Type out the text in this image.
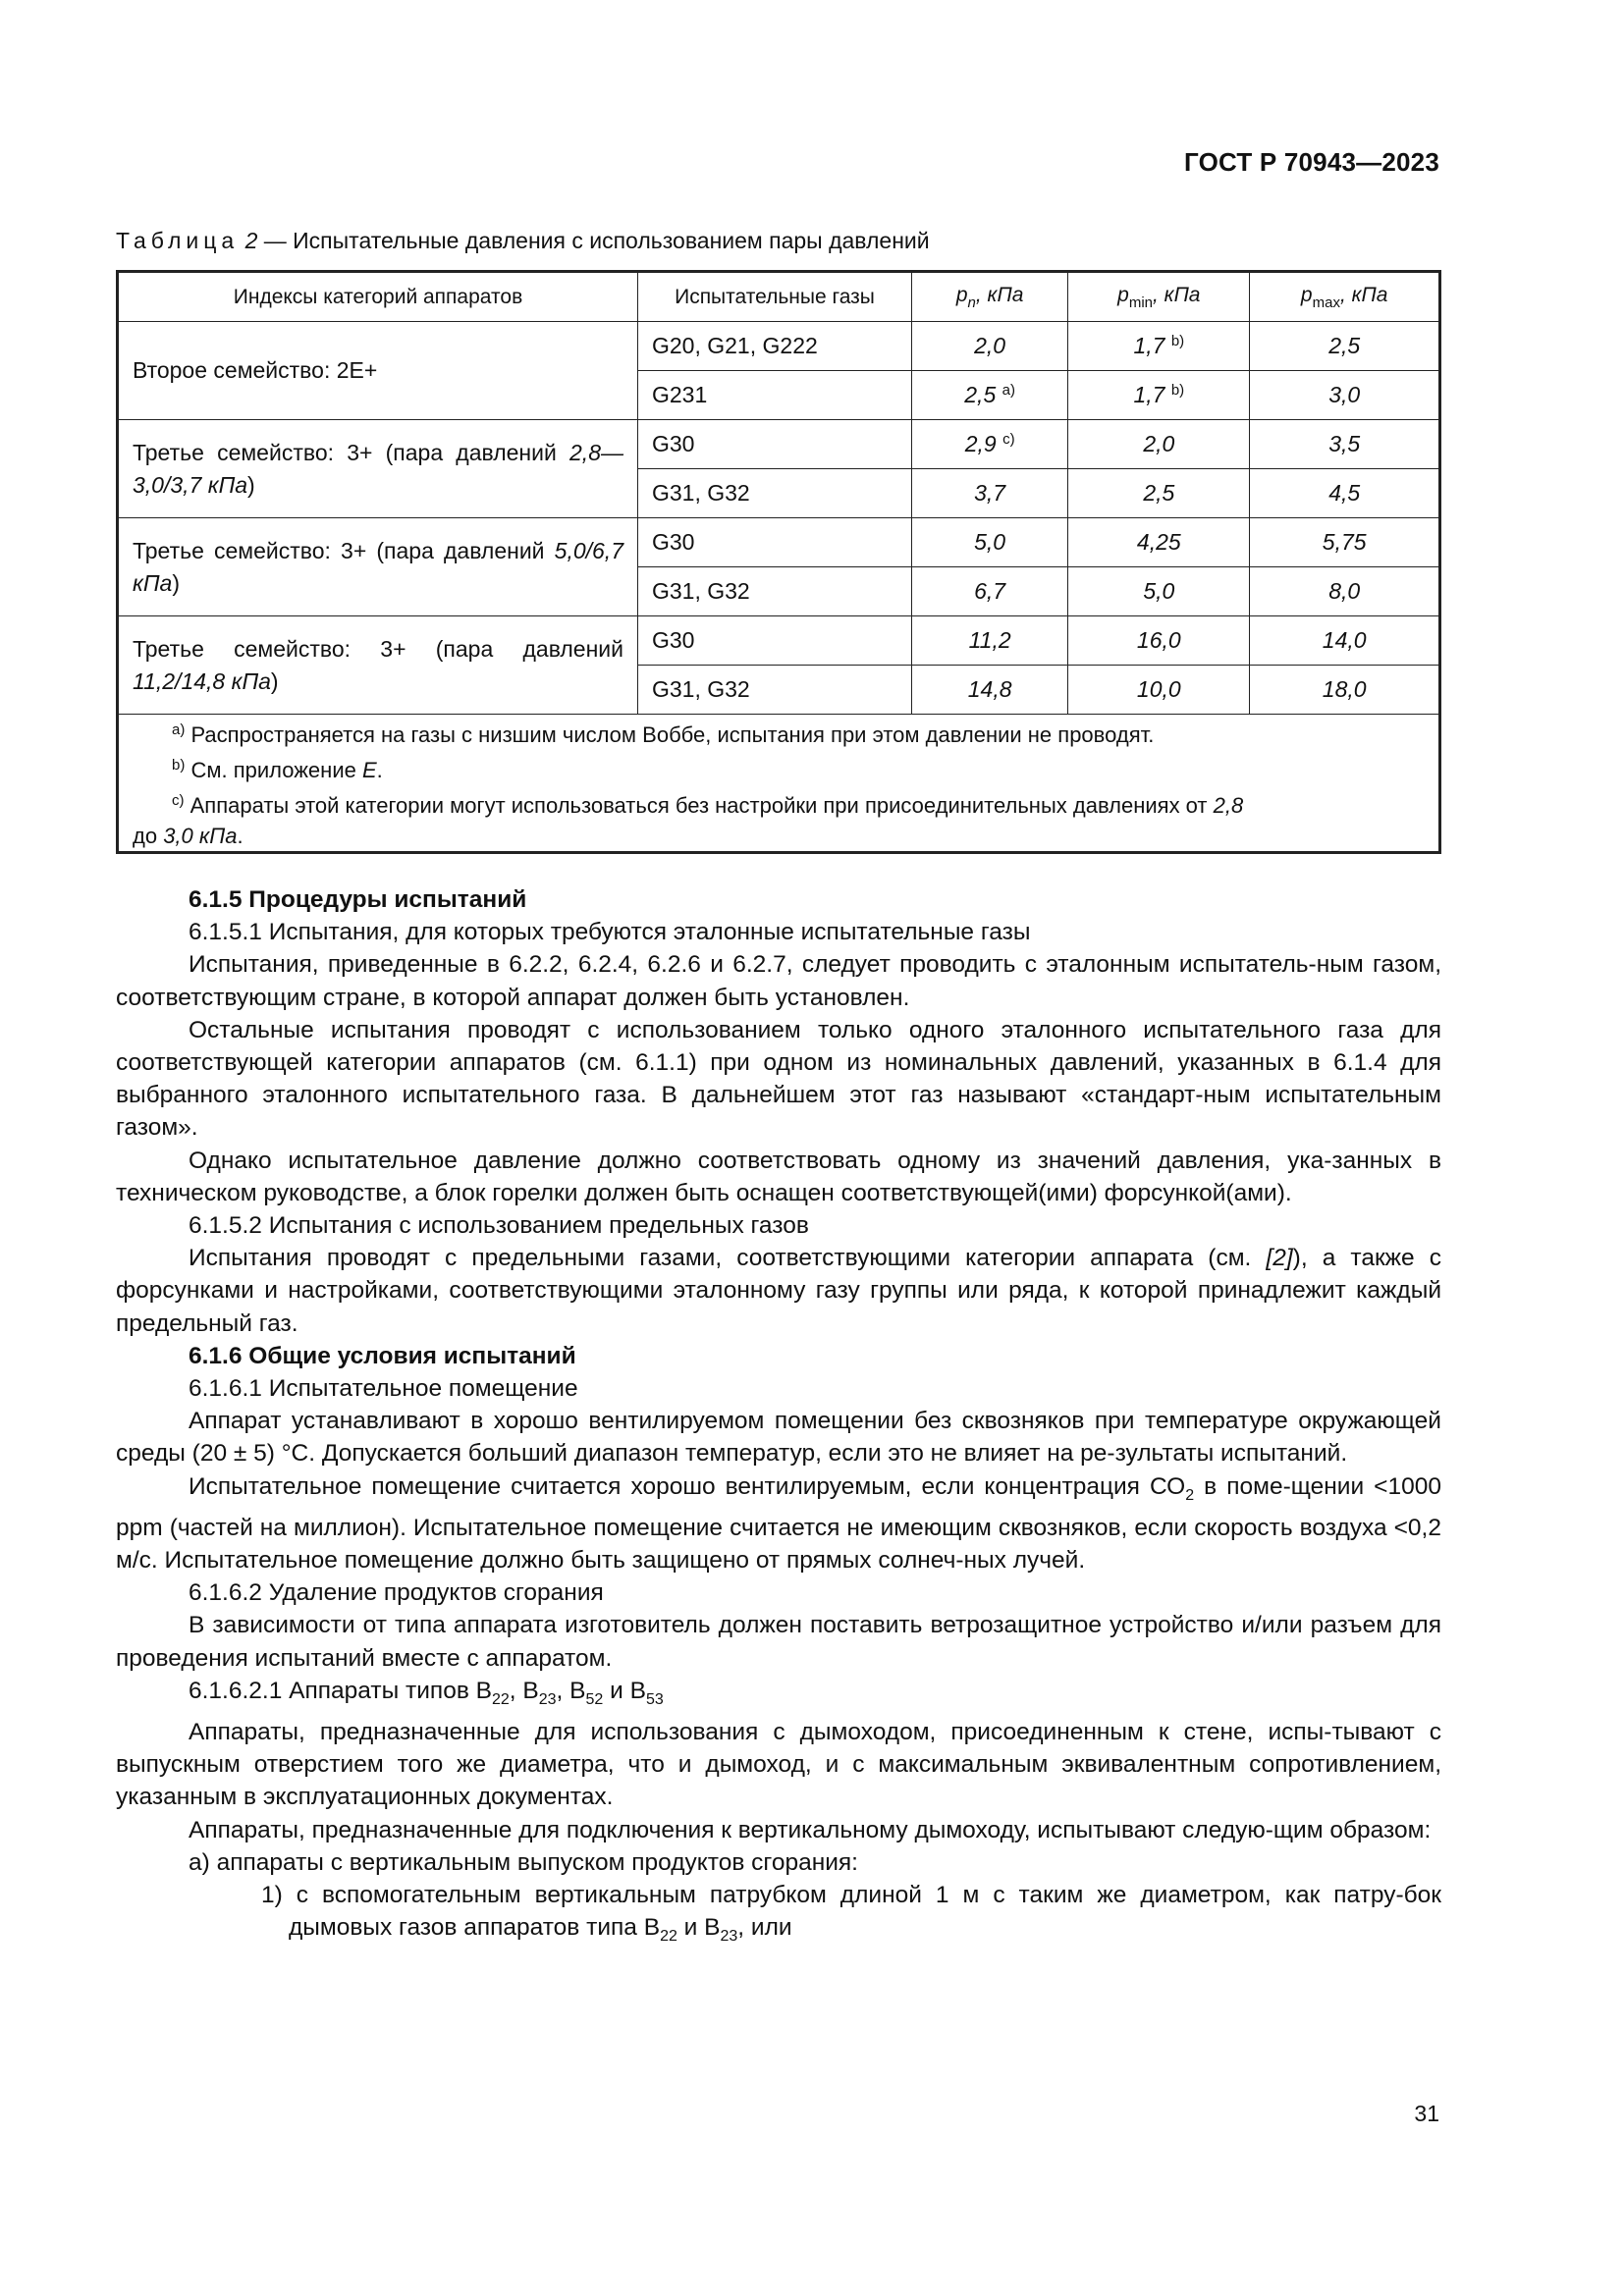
ГОСТ Р 70943—2023
Таблица 2 — Испытательные давления с использованием пары давлений
Индексы категорий аппаратов	Испытательные газы	$p_n$, кПа	$p_{min}$, кПа	$p_{max}$, кПа
Второе семейство: 2Е+	G20, G21, G222	2,0	1,7 $^{b)}$	2,5
	G231	2,5 $^{a)}$	1,7 $^{b)}$	3,0
Третье семейство: 3+ (пара давлений 2,8—3,0/3,7 кПа)	G30	2,9 $^{c)}$	2,0	3,5
	G31, G32	3,7	2,5	4,5
Третье семейство: 3+ (пара давлений 5,0/6,7 кПа)	G30	5,0	4,25	5,75
	G31, G32	6,7	5,0	8,0
Третье семейство: 3+ (пара давлений 11,2/14,8 кПа)	G30	11,2	16,0	14,0
	G31, G32	14,8	10,0	18,0

$^{a)}$ Распространяется на газы с низшим числом Воббе, испытания при этом давлении не проводят.
$^{b)}$ См. приложение Е.
$^{c)}$ Аппараты этой категории могут использоваться без настройки при присоединительных давлениях от 2,8
до 3,0 кПа.				

6.1.5 Процедуры испытаний

6.1.5.1 Испытания, для которых требуются эталонные испытательные газы

Испытания, приведенные в 6.2.2, 6.2.4, 6.2.6 и 6.2.7, следует проводить с эталонным испытатель-ным газом, соответствующим стране, в которой аппарат должен быть установлен.

Остальные испытания проводят с использованием только одного эталонного испытательного газа для соответствующей категории аппаратов (см. 6.1.1) при одном из номинальных давлений, указанных в 6.1.4 для выбранного эталонного испытательного газа. В дальнейшем этот газ называют «стандарт-ным испытательным газом».

Однако испытательное давление должно соответствовать одному из значений давления, ука-занных в техническом руководстве, а блок горелки должен быть оснащен соответствующей(ими) форсункой(ами).

6.1.5.2 Испытания с использованием предельных газов

Испытания проводят с предельными газами, соответствующими категории аппарата (см. [2]), а также с форсунками и настройками, соответствующими эталонному газу группы или ряда, к которой принадлежит каждый предельный газ.

6.1.6 Общие условия испытаний

6.1.6.1 Испытательное помещение

Аппарат устанавливают в хорошо вентилируемом помещении без сквозняков при температуре окружающей среды (20 ± 5) °С. Допускается больший диапазон температур, если это не влияет на ре-зультаты испытаний.

Испытательное помещение считается хорошо вентилируемым, если концентрация $СО_2$ в поме-щении <1000 ppm (частей на миллион). Испытательное помещение считается не имеющим сквозняков, если скорость воздуха <0,2 м/с. Испытательное помещение должно быть защищено от прямых солнеч-ных лучей.

6.1.6.2 Удаление продуктов сгорания

В зависимости от типа аппарата изготовитель должен поставить ветрозащитное устройство и/или разъем для проведения испытаний вместе с аппаратом.

6.1.6.2.1 Аппараты типов $В_{22}$, $В_{23}$, $В_{52}$ и $В_{53}$

Аппараты, предназначенные для использования с дымоходом, присоединенным к стене, испы-тывают с выпускным отверстием того же диаметра, что и дымоход, и с максимальным эквивалентным сопротивлением, указанным в эксплуатационных документах.

Аппараты, предназначенные для подключения к вертикальному дымоходу, испытывают следую-щим образом:

а) аппараты с вертикальным выпуском продуктов сгорания:

1) с вспомогательным вертикальным патрубком длиной 1 м с таким же диаметром, как патру-бок дымовых газов аппаратов типа $В_{22}$ и $В_{23}$, или

31
